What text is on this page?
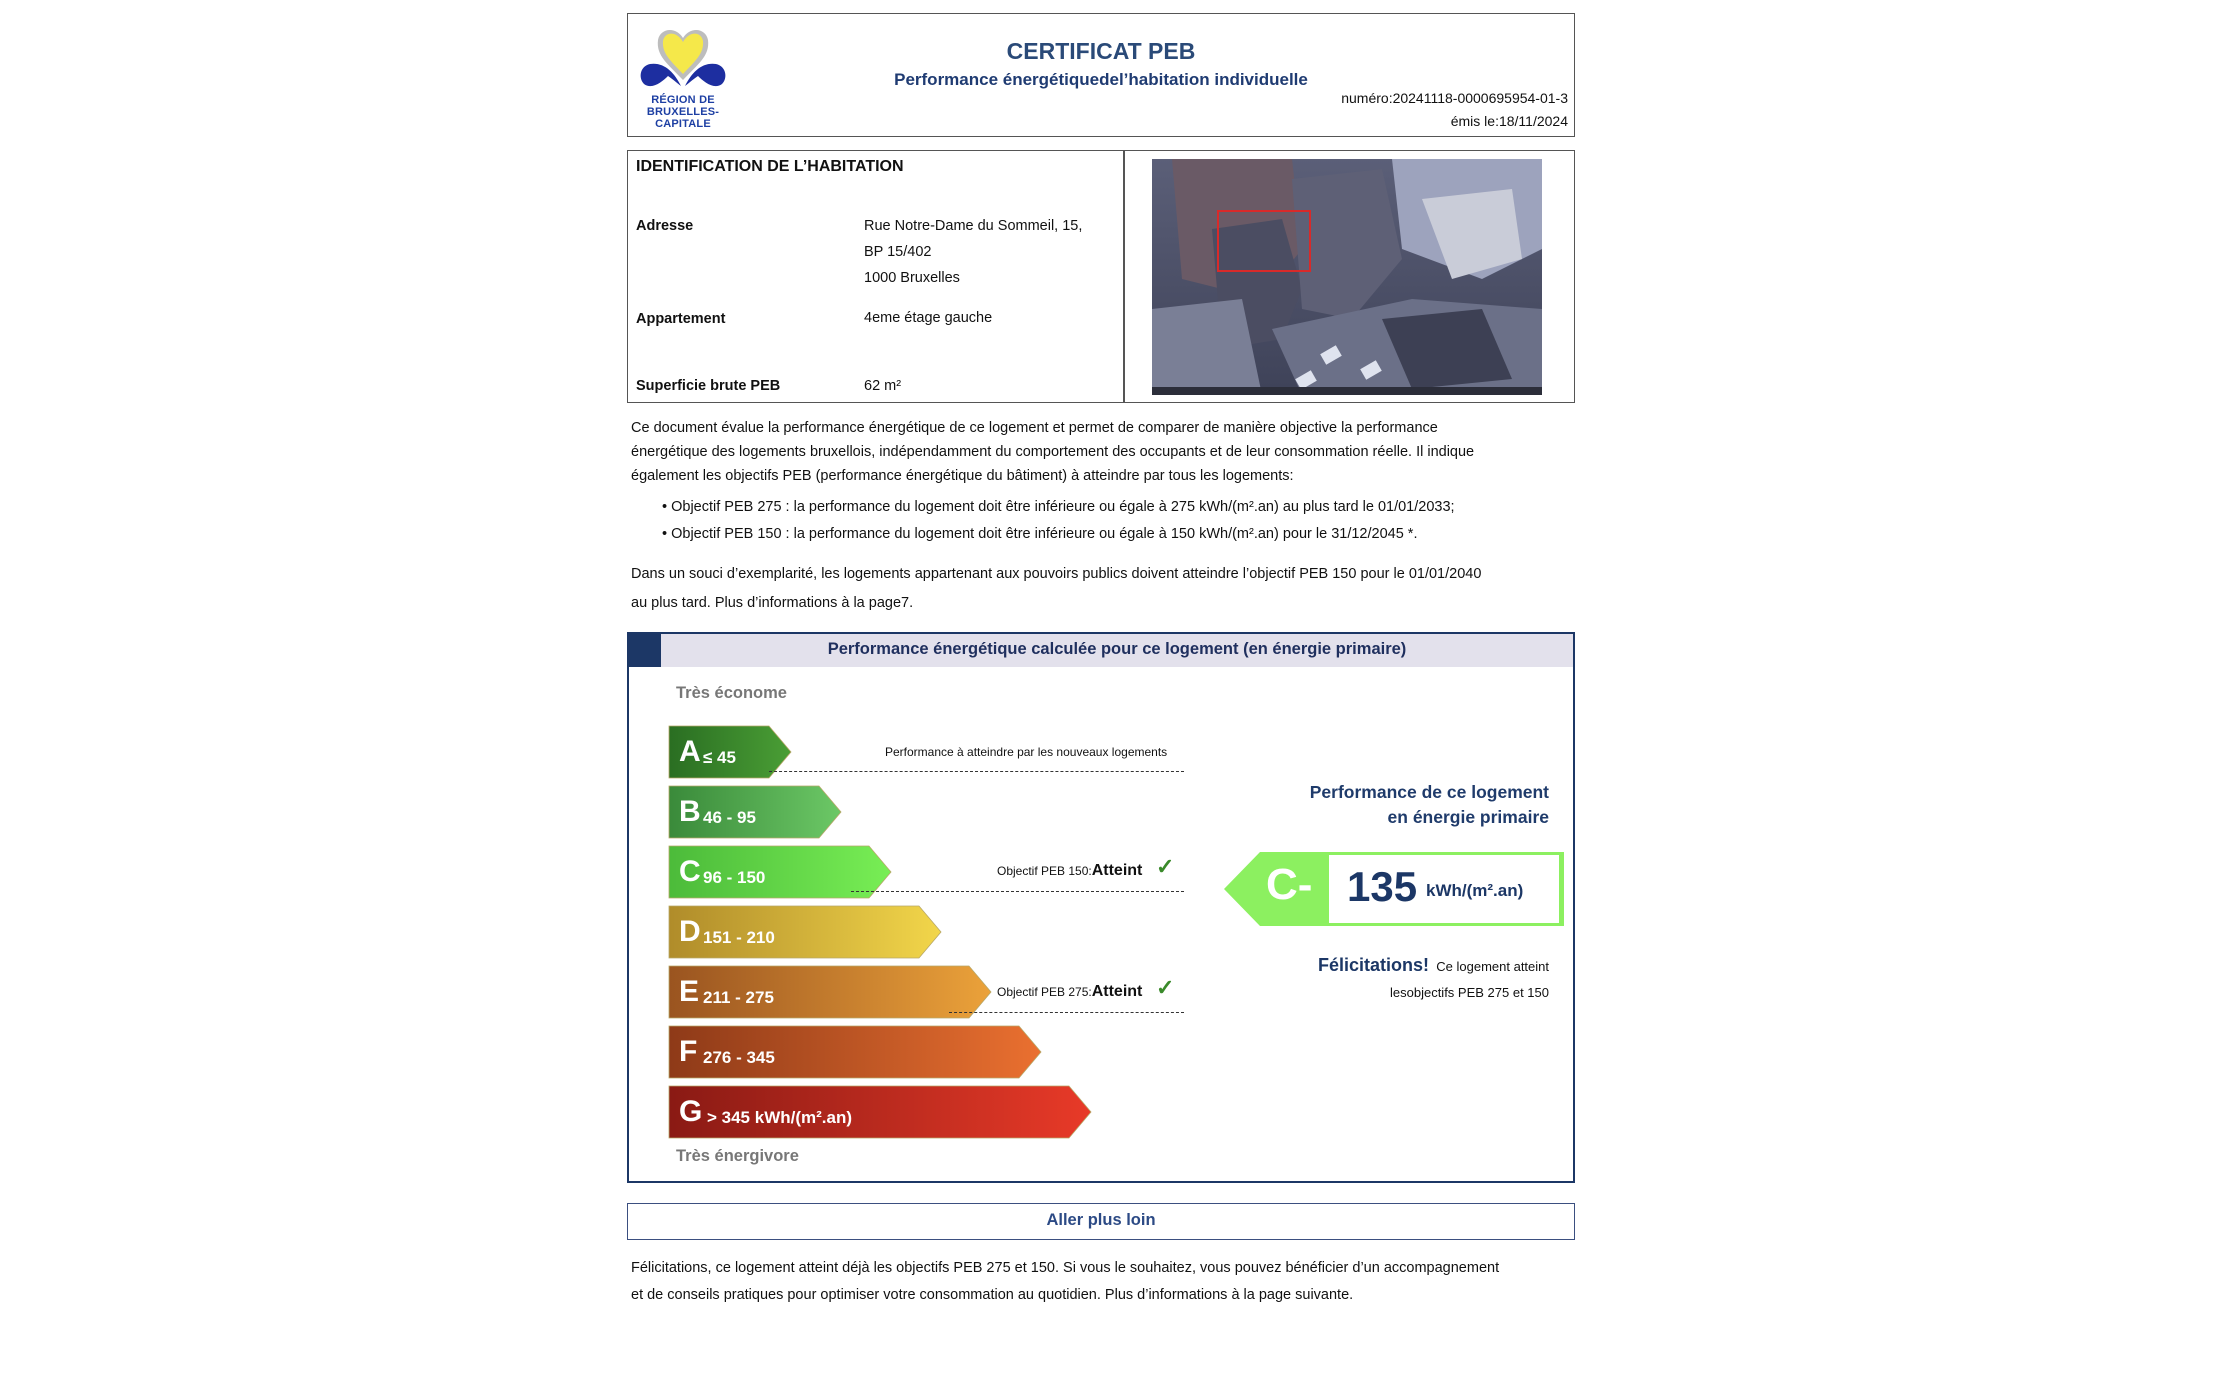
RÉGION DE
BRUXELLES-
CAPITALE
CERTIFICAT PEB
Performance énergétiquedel’habitation individuelle
numéro:20241118-0000695954-01-3
émis le:18/11/2024
IDENTIFICATION DE L’HABITATION
Adresse	Rue Notre-Dame du Sommeil, 15,
BP 15/402
1000 Bruxelles
Appartement	4eme étage gauche
Superficie brute PEB	62 m²
Ce document évalue la performance énergétique de ce logement et permet de comparer de manière objective la performance
énergétique des logements bruxellois, indépendamment du comportement des occupants et de leur consommation réelle. Il indique
également les objectifs PEB (performance énergétique du bâtiment) à atteindre par tous les logements:
• Objectif PEB 275 : la performance du logement doit être inférieure ou égale à 275 kWh/(m².an) au plus tard le 01/01/2033;
• Objectif PEB 150 : la performance du logement doit être inférieure ou égale à 150 kWh/(m².an) pour le 31/12/2045 *.
Dans un souci d’exemplarité, les logements appartenant aux pouvoirs publics doivent atteindre l’objectif PEB 150 pour le 01/01/2040
au plus tard. Plus d’informations à la page7.
Performance énergétique calculée pour ce logement (en énergie primaire)
Très économe
A ≤ 45
B 46 - 95
C 96 - 150
D 151 - 210
E 211 - 275
F 276 - 345
G > 345 kWh/(m².an)
Performance à atteindre par les nouveaux logements
Objectif PEB 150:Atteint ✓
Objectif PEB 275:Atteint ✓
Très énergivore
Performance de ce logement
en énergie primaire
C- 135 kWh/(m².an)
Félicitations! Ce logement atteint
lesobjectifs PEB 275 et 150
Aller plus loin
Félicitations, ce logement atteint déjà les objectifs PEB 275 et 150. Si vous le souhaitez, vous pouvez bénéficier d’un accompagnement
et de conseils pratiques pour optimiser votre consommation au quotidien. Plus d’informations à la page suivante.
